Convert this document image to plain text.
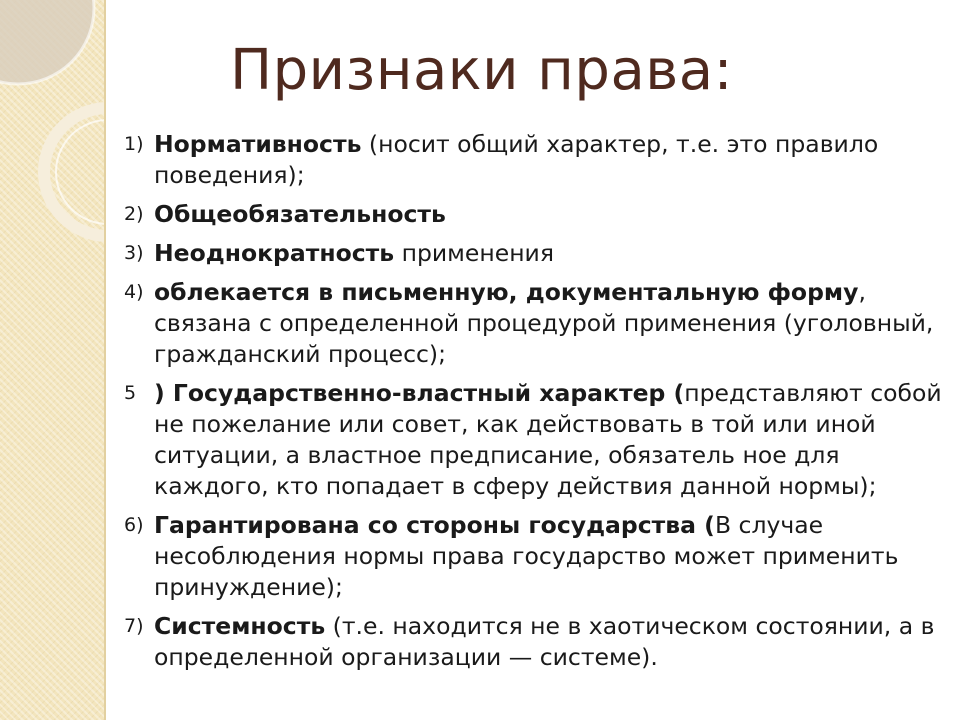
Признаки права:
1) Нормативность (носит общий характер, т.е. это правило поведения);
2) Общеобязательность
3) Неоднократность применения
4) облекается в письменную, документальную форму, связана с определенной процедурой применения (уголовный, гражданский процесс);
5 ) Государственно-властный характер (представляют собой не пожелание или совет, как действовать в той или иной ситуации, а властное предписание, обязатель ное для каждого, кто попадает в сферу действия данной нормы);
6) Гарантирована со стороны государства (В случае несоблюдения нормы права государство может применить принуждение);
7) Системность (т.е. находится не в хаотическом состоянии, а в определенной организации — системе).
